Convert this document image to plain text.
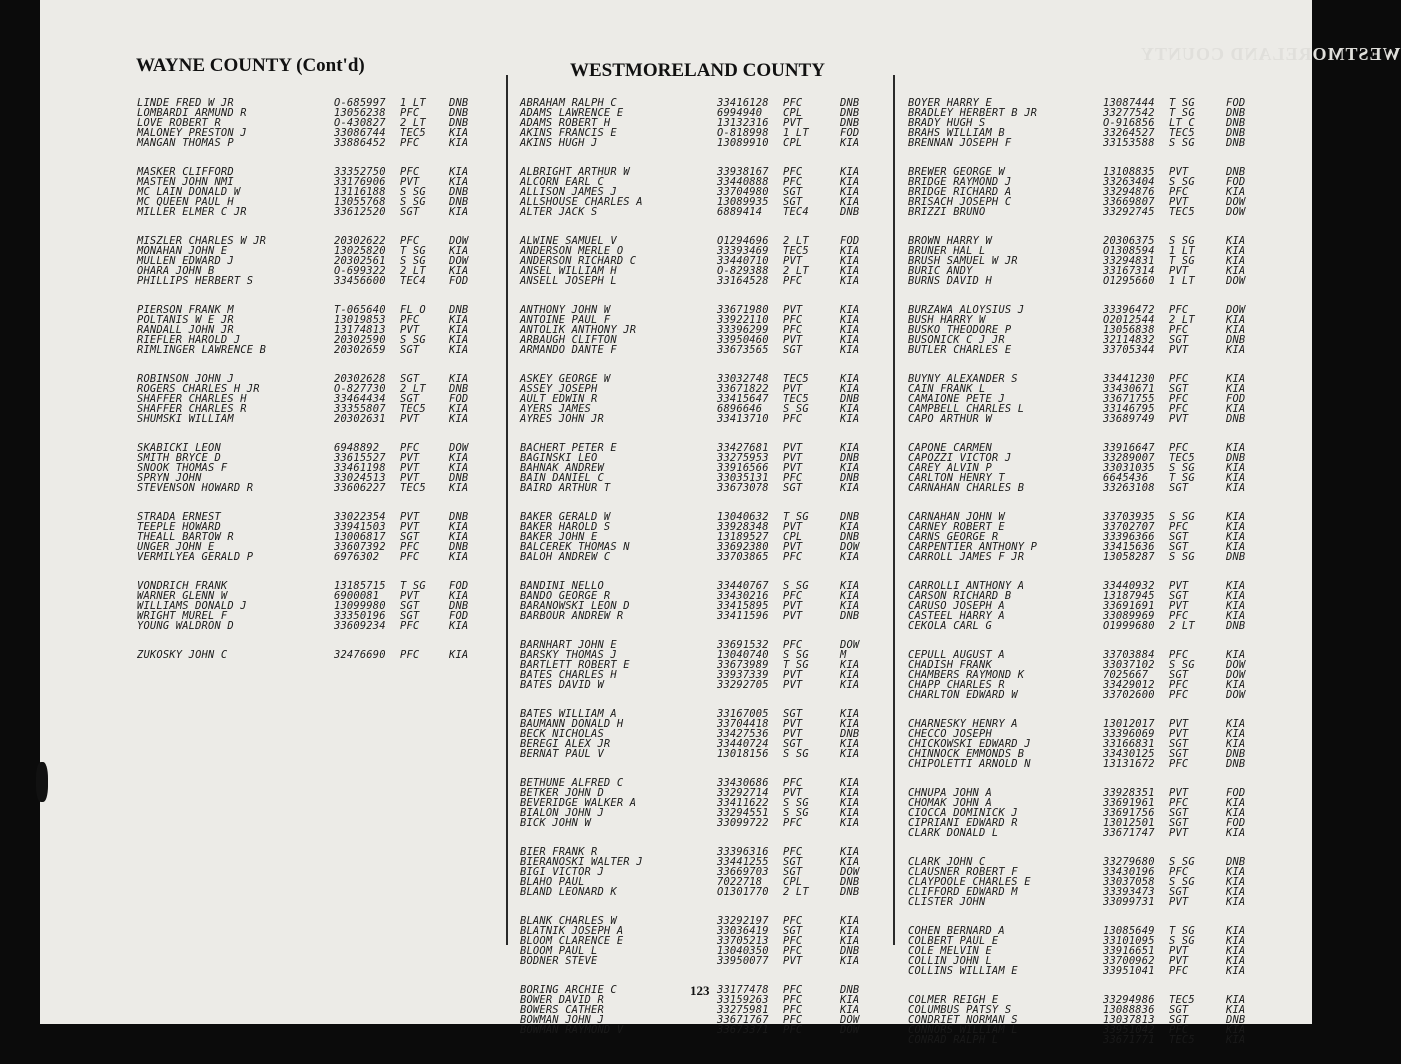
WESTMORELAND COUNTY
WAYNE COUNTY (Cont'd)	WESTMORELAND COUNTY
LINDE FRED W JR	O-685997	1 LT	DNB
LOMBARDI ARMUND R	13056238	PFC	DNB
LOVE ROBERT R	O-430827	2 LT	DNB
MALONEY PRESTON J	33086744	TEC5	KIA
MANGAN THOMAS P	33886452	PFC	KIA
MASKER CLIFFORD	33352750	PFC	KIA
MASTEN JOHN NMI	33176906	PVT	KIA
MC LAIN DONALD W	13116188	S SG	DNB
MC QUEEN PAUL H	13055768	S SG	DNB
MILLER ELMER C JR	33612520	SGT	KIA
MISZLER CHARLES W JR	20302622	PFC	DOW
MONAHAN JOHN E	13025820	T SG	KIA
MULLEN EDWARD J	20302561	S SG	DOW
OHARA JOHN B	O-699322	2 LT	KIA
PHILLIPS HERBERT S	33456600	TEC4	FOD
PIERSON FRANK M	T-065640	FL O	DNB
POLTANIS W E JR	13019853	PFC	KIA
RANDALL JOHN JR	13174813	PVT	KIA
RIEFLER HAROLD J	20302590	S SG	KIA
RIMLINGER LAWRENCE B	20302659	SGT	KIA
ROBINSON JOHN J	20302628	SGT	KIA
ROGERS CHARLES H JR	O-827730	2 LT	DNB
SHAFFER CHARLES H	33464434	SGT	FOD
SHAFFER CHARLES R	33355807	TEC5	KIA
SHUMSKI WILLIAM	20302631	PVT	KIA
SKABICKI LEON	6948892	PFC	DOW
SMITH BRYCE D	33615527	PVT	KIA
SNOOK THOMAS F	33461198	PVT	KIA
SPRYN JOHN	33024513	PVT	DNB
STEVENSON HOWARD R	33606227	TEC5	KIA
STRADA ERNEST	33022354	PVT	DNB
TEEPLE HOWARD	33941503	PVT	KIA
THEALL BARTOW R	13006817	SGT	KIA
UNGER JOHN E	33607392	PFC	DNB
VERMILYEA GERALD P	6976302	PFC	KIA
VONDRICH FRANK	13185715	T SG	FOD
WARNER GLENN W	6900081	PVT	KIA
WILLIAMS DONALD J	13099980	SGT	DNB
WRIGHT MUREL F	33350196	SGT	FOD
YOUNG WALDRON D	33609234	PFC	KIA
ZUKOSKY JOHN C	32476690	PFC	KIA
ABRAHAM RALPH C	33416128	PFC	DNB
ADAMS LAWRENCE E	6994940	CPL	DNB
ADAMS ROBERT H	13132316	PVT	DNB
AKINS FRANCIS E	O-818998	1 LT	FOD
AKINS HUGH J	13089910	CPL	KIA
ALBRIGHT ARTHUR W	33938167	PFC	KIA
ALCORN EARL C	33440888	PFC	KIA
ALLISON JAMES J	33704980	SGT	KIA
ALLSHOUSE CHARLES A	13089935	SGT	KIA
ALTER JACK S	6889414	TEC4	DNB
ALWINE SAMUEL V	O1294696	2 LT	FOD
ANDERSON MERLE O	33393469	TEC5	KIA
ANDERSON RICHARD C	33440710	PVT	KIA
ANSEL WILLIAM H	O-829388	2 LT	KIA
ANSELL JOSEPH L	33164528	PFC	KIA
ANTHONY JOHN W	33671980	PVT	KIA
ANTOINE PAUL F	33922110	PFC	KIA
ANTOLIK ANTHONY JR	33396299	PFC	KIA
ARBAUGH CLIFTON	33950460	PVT	KIA
ARMANDO DANTE F	33673565	SGT	KIA
ASKEY GEORGE W	33032748	TEC5	KIA
ASSEY JOSEPH	33671822	PVT	KIA
AULT EDWIN R	33415647	TEC5	DNB
AYERS JAMES	6896646	S SG	KIA
AYRES JOHN JR	33413710	PFC	KIA
BACHERT PETER E	33427681	PVT	KIA
BAGINSKI LEO	33275953	PVT	DNB
BAHNAK ANDREW	33916566	PVT	KIA
BAIN DANIEL C	33035131	PFC	DNB
BAIRD ARTHUR T	33673078	SGT	KIA
BAKER GERALD W	13040632	T SG	DNB
BAKER HAROLD S	33928348	PVT	KIA
BAKER JOHN E	13189527	CPL	DNB
BALCEREK THOMAS N	33692380	PVT	DOW
BALOH ANDREW C	33703865	PFC	KIA
BANDINI NELLO	33440767	S SG	KIA
BANDO GEORGE R	33430216	PFC	KIA
BARANOWSKI LEON D	33415895	PVT	KIA
BARBOUR ANDREW R	33411596	PVT	DNB
BARNHART JOHN E	33691532	PFC	DOW
BARSKY THOMAS J	13040740	S SG	M
BARTLETT ROBERT E	33673989	T SG	KIA
BATES CHARLES H	33937339	PVT	KIA
BATES DAVID W	33292705	PVT	KIA
BATES WILLIAM A	33167005	SGT	KIA
BAUMANN DONALD H	33704418	PVT	KIA
BECK NICHOLAS	33427536	PVT	DNB
BEREGI ALEX JR	33440724	SGT	KIA
BERNAT PAUL V	13018156	S SG	KIA
BETHUNE ALFRED C	33430686	PFC	KIA
BETKER JOHN D	33292714	PVT	KIA
BEVERIDGE WALKER A	33411622	S SG	KIA
BIALON JOHN J	33294551	S SG	KIA
BICK JOHN W	33099722	PFC	KIA
BIER FRANK R	33396316	PFC	KIA
BIERANOSKI WALTER J	33441255	SGT	KIA
BIGI VICTOR J	33669703	SGT	DOW
BLAHO PAUL	7022718	CPL	DNB
BLAND LEONARD K	O1301770	2 LT	DNB
BLANK CHARLES W	33292197	PFC	KIA
BLATNIK JOSEPH A	33036419	SGT	KIA
BLOOM CLARENCE E	33705213	PFC	KIA
BLOOM PAUL L	13040350	PFC	DNB
BODNER STEVE	33950077	PVT	KIA
BORING ARCHIE C	33177478	PFC	DNB
BOWER DAVID R	33159263	PFC	KIA
BOWERS CATHER	33275981	PFC	KIA
BOWMAN JOHN J	33671767	PFC	DOW
BOWMAN RAYMOND V	33673371	PFC	DOW
BOYER HARRY E	13087444	T SG	FOD
BRADLEY HERBERT B JR	33277542	T SG	DNB
BRADY HUGH S	O-916856	LT C	DNB
BRAHS WILLIAM B	33264527	TEC5	DNB
BRENNAN JOSEPH F	33153588	S SG	DNB
BREWER GEORGE W	13108835	PVT	DNB
BRIDGE RAYMOND J	33263404	S SG	FOD
BRIDGE RICHARD A	33294876	PFC	KIA
BRISACH JOSEPH C	33669807	PVT	DOW
BRIZZI BRUNO	33292745	TEC5	DOW
BROWN HARRY W	20306375	S SG	KIA
BRUNER HAL L	O1308594	1 LT	KIA
BRUSH SAMUEL W JR	33294831	T SG	KIA
BURIC ANDY	33167314	PVT	KIA
BURNS DAVID H	O1295660	1 LT	DOW
BURZAWA ALOYSIUS J	33396472	PFC	DOW
BUSH HARRY W	O2012544	2 LT	KIA
BUSKO THEODORE P	13056838	PFC	KIA
BUSONICK C J JR	32114832	SGT	DNB
BUTLER CHARLES E	33705344	PVT	KIA
BUYNY ALEXANDER S	33441230	PFC	KIA
CAIN FRANK L	33430671	SGT	KIA
CAMAIONE PETE J	33671755	PFC	FOD
CAMPBELL CHARLES L	33146795	PFC	KIA
CAPO ARTHUR W	33689749	PVT	DNB
CAPONE CARMEN	33916647	PFC	KIA
CAPOZZI VICTOR J	33289007	TEC5	DNB
CAREY ALVIN P	33031035	S SG	KIA
CARLTON HENRY T	6645436	T SG	KIA
CARNAHAN CHARLES B	33263108	SGT	KIA
CARNAHAN JOHN W	33703935	S SG	KIA
CARNEY ROBERT E	33702707	PFC	KIA
CARNS GEORGE R	33396366	SGT	KIA
CARPENTIER ANTHONY P	33415636	SGT	KIA
CARROLL JAMES F JR	13058287	S SG	DNB
CARROLLI ANTHONY A	33440932	PVT	KIA
CARSON RICHARD B	13187945	SGT	KIA
CARUSO JOSEPH A	33691691	PVT	KIA
CASTEEL HARRY A	33089969	PFC	KIA
CEKOLA CARL G	O1999680	2 LT	DNB
CEPULL AUGUST A	33703884	PFC	KIA
CHADISH FRANK	33037102	S SG	DOW
CHAMBERS RAYMOND K	7025667	SGT	DOW
CHAPP CHARLES R	33429012	PFC	KIA
CHARLTON EDWARD W	33702600	PFC	DOW
CHARNESKY HENRY A	13012017	PVT	KIA
CHECCO JOSEPH	33396069	PVT	KIA
CHICKOWSKI EDWARD J	33166831	SGT	KIA
CHINNOCK EMMONDS B	33430125	SGT	DNB
CHIPOLETTI ARNOLD N	13131672	PFC	DNB
CHNUPA JOHN A	33928351	PVT	FOD
CHOMAK JOHN A	33691961	PFC	KIA
CIOCCA DOMINICK J	33691756	SGT	KIA
CIPRIANI EDWARD R	13012501	SGT	FOD
CLARK DONALD L	33671747	PVT	KIA
CLARK JOHN C	33279680	S SG	DNB
CLAUSNER ROBERT F	33430196	PFC	KIA
CLAYPOOLE CHARLES E	33037058	S SG	KIA
CLIFFORD EDWARD M	33393473	SGT	KIA
CLISTER JOHN	33099731	PVT	KIA
COHEN BERNARD A	13085649	T SG	KIA
COLBERT PAUL E	33101095	S SG	KIA
COLE MELVIN E	33916651	PVT	KIA
COLLIN JOHN L	33700962	PVT	KIA
COLLINS WILLIAM E	33951041	PFC	KIA
COLMER REIGH E	33294986	TEC5	KIA
COLUMBUS PATSY S	13088836	SGT	KIA
CONDRIET NORMAN S	13037813	SGT	DNB
CONNORS WILLIAM L	33951042	PFC	KIA
CONRAD RALPH L	33671771	TEC5	KIA
123
